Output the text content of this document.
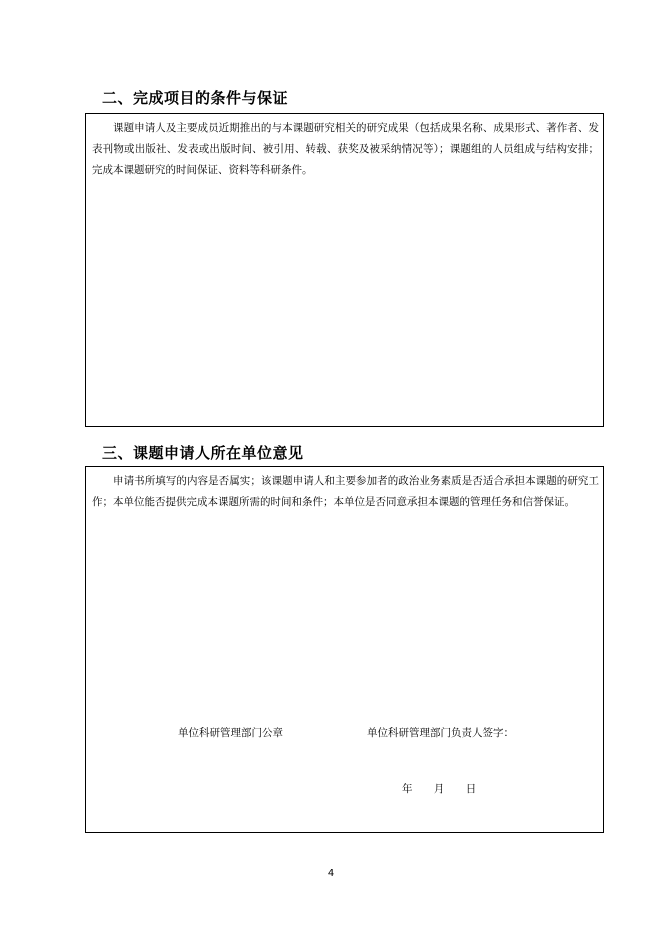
二、完成项目的条件与保证

课题申请人及主要成员近期推出的与本课题研究相关的研究成果（包括成果名称、成果形式、著作者、发表刊物或出版社、发表或出版时间、被引用、转载、获奖及被采纳情况等）；课题组的人员组成与结构安排；完成本课题研究的时间保证、资料等科研条件。

三、课题申请人所在单位意见

申请书所填写的内容是否属实；该课题申请人和主要参加者的政治业务素质是否适合承担本课题的研究工作；本单位能否提供完成本课题所需的时间和条件；本单位是否同意承担本课题的管理任务和信誉保证。

单位科研管理部门公章	单位科研管理部门负责人签字：
年 月 日
4
